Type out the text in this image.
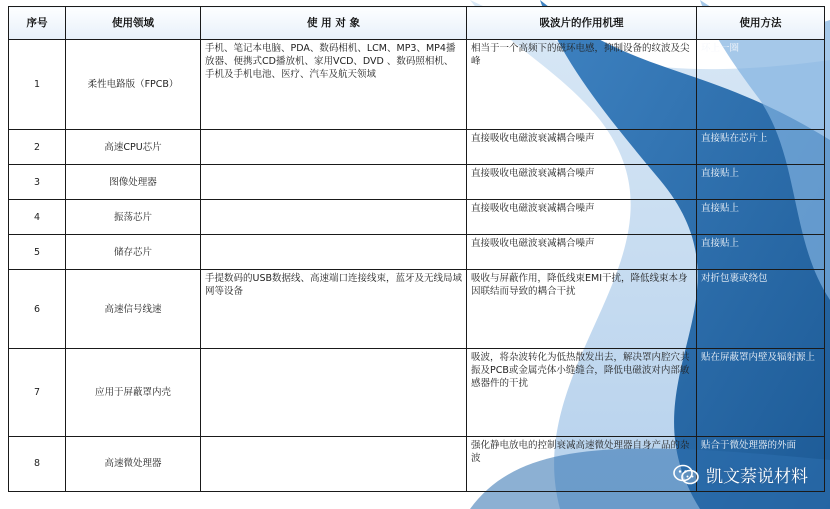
序号	使用领域	使 用 对 象	吸波片的作用机理	使用方法
1	柔性电路版（FPCB）	手机、笔记本电脑、PDA、数码相机、LCM、MP3、MP4播放器、便携式CD播放机、家用VCD、DVD 、数码照相机、手机及手机电池、医疗、汽车及航天领域	相当于一个高频下的磁环电感，抑制设备的纹波及尖峰	环上一圈
2	高速CPU芯片		直接吸收电磁波衰减耦合噪声	直接贴在芯片上
3	图像处理器		直接吸收电磁波衰减耦合噪声	直接贴上
4	振荡芯片		直接吸收电磁波衰减耦合噪声	直接贴上
5	储存芯片		直接吸收电磁波衰减耦合噪声	直接贴上
6	高速信号线速	手提数码的USB数据线、高速端口连接线束，蓝牙及无线局域网等设备	吸收与屏蔽作用，降低线束EMI干扰，降低线束本身因联结而导致的耦合干扰	对折包裹或绕包
7	应用于屏蔽罩内壳		吸波，将杂波转化为低热散发出去，解决罩内腔穴共振及PCB或金属壳体小缝缝合，降低电磁波对内部敏感器件的干扰	贴在屏蔽罩内壁及辐射源上
8	高速微处理器		强化静电放电的控制衰减高速微处理器自身产品的杂波	贴合于微处理器的外面
凯文萘说材料
